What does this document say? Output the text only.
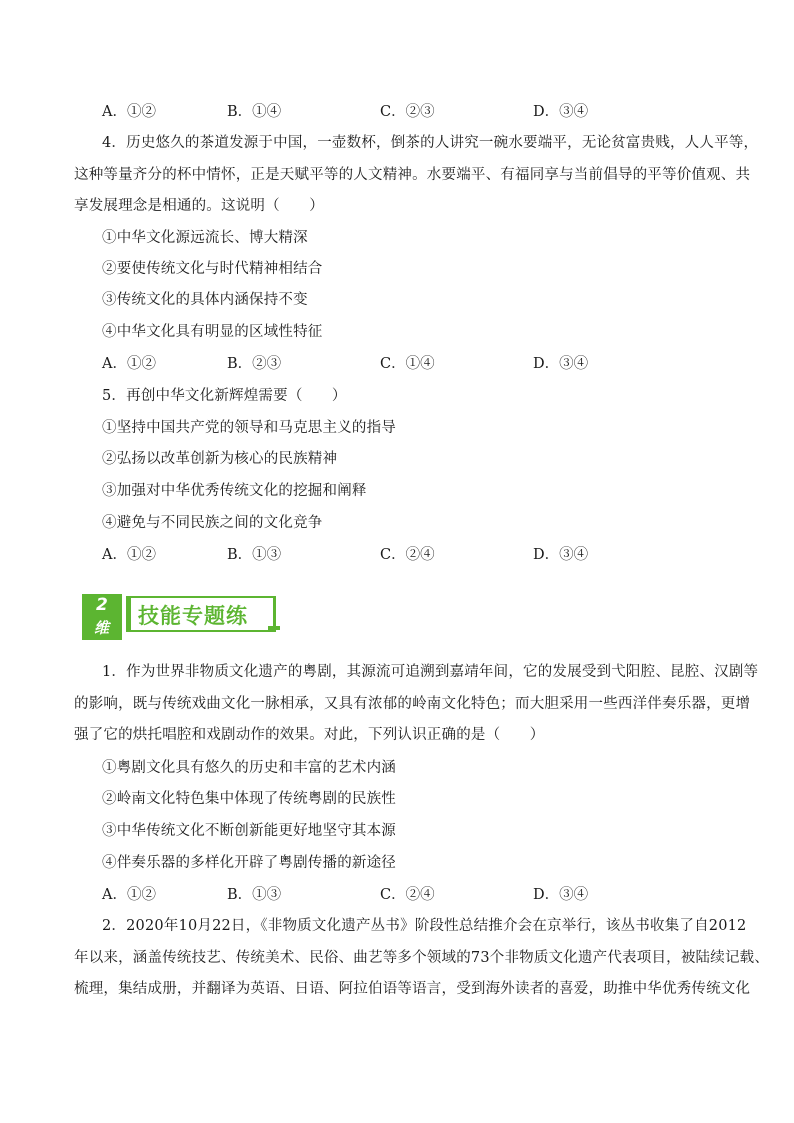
A．①②	B．①④	C．②③	D．③④
4．历史悠久的茶道发源于中国，一壶数杯，倒茶的人讲究一碗水要端平，无论贫富贵贱，人人平等，
这种等量齐分的杯中情怀，正是天赋平等的人文精神。水要端平、有福同享与当前倡导的平等价值观、共
享发展理念是相通的。这说明（　　）
①中华文化源远流长、博大精深
②要使传统文化与时代精神相结合
③传统文化的具体内涵保持不变
④中华文化具有明显的区域性特征
A．①②	B．②③	C．①④	D．③④
5．再创中华文化新辉煌需要（　　）
①坚持中国共产党的领导和马克思主义的指导
②弘扬以改革创新为核心的民族精神
③加强对中华优秀传统文化的挖掘和阐释
④避免与不同民族之间的文化竞争
A．①②	B．①③	C．②④	D．③④
2
维 技能专题练
1．作为世界非物质文化遗产的粤剧，其源流可追溯到嘉靖年间，它的发展受到弋阳腔、昆腔、汉剧等
的影响，既与传统戏曲文化一脉相承，又具有浓郁的岭南文化特色；而大胆采用一些西洋伴奏乐器，更增
强了它的烘托唱腔和戏剧动作的效果。对此，下列认识正确的是（　　）
①粤剧文化具有悠久的历史和丰富的艺术内涵
②岭南文化特色集中体现了传统粤剧的民族性
③中华传统文化不断创新能更好地坚守其本源
④伴奏乐器的多样化开辟了粤剧传播的新途径
A．①②	B．①③	C．②④	D．③④
2．2020年10月22日，《非物质文化遗产丛书》阶段性总结推介会在京举行，该丛书收集了自2012
年以来，涵盖传统技艺、传统美术、民俗、曲艺等多个领域的73个非物质文化遗产代表项目，被陆续记载、
梳理，集结成册，并翻译为英语、日语、阿拉伯语等语言，受到海外读者的喜爱，助推中华优秀传统文化
